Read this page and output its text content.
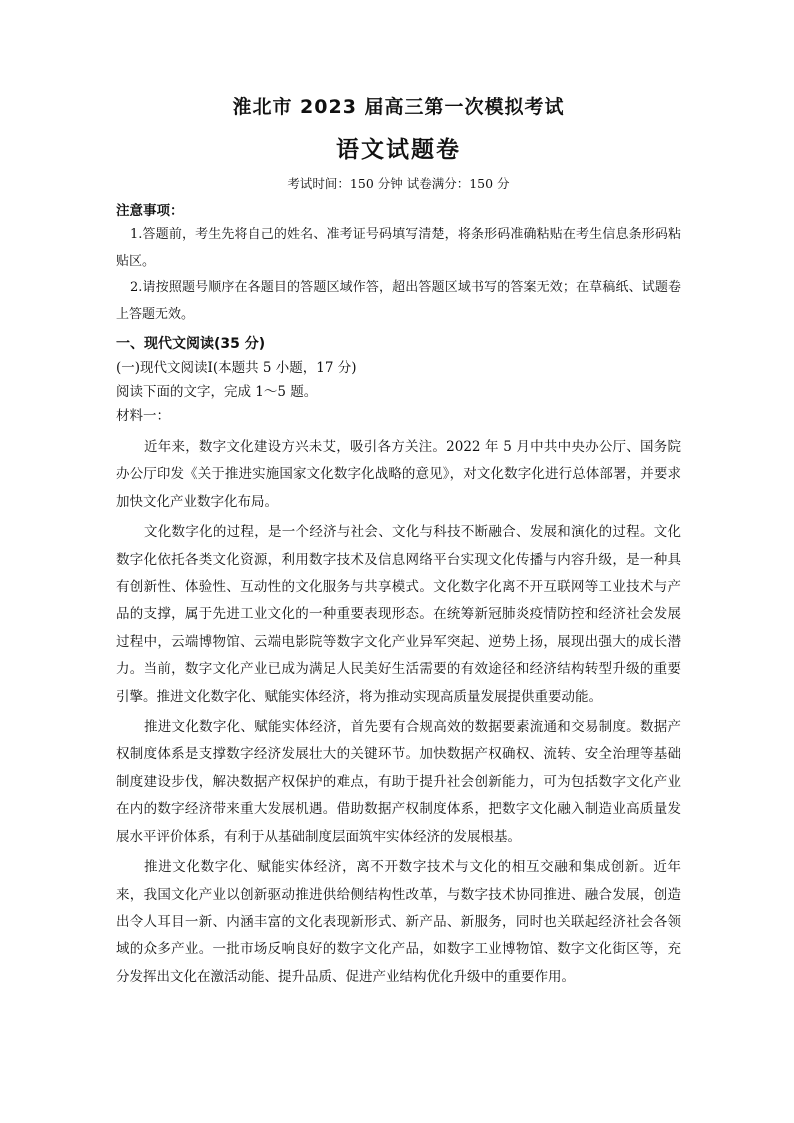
淮北市 2023 届高三第一次模拟考试
语文试题卷
考试时间：150 分钟 试卷满分：150 分
注意事项：
1.答题前，考生先将自己的姓名、准考证号码填写清楚，将条形码准确粘贴在考生信息条形码粘贴区。
2.请按照题号顺序在各题目的答题区域作答，超出答题区域书写的答案无效；在草稿纸、试题卷上答题无效。
一、现代文阅读(35 分)
(一)现代文阅读Ⅰ(本题共 5 小题，17 分)
阅读下面的文字，完成 1～5 题。
材料一：

近年来，数字文化建设方兴未艾，吸引各方关注。2022 年 5 月中共中央办公厅、国务院办公厅印发《关于推进实施国家文化数字化战略的意见》，对文化数字化进行总体部署，并要求加快文化产业数字化布局。

文化数字化的过程，是一个经济与社会、文化与科技不断融合、发展和演化的过程。文化数字化依托各类文化资源，利用数字技术及信息网络平台实现文化传播与内容升级，是一种具有创新性、体验性、互动性的文化服务与共享模式。文化数字化离不开互联网等工业技术与产品的支撑，属于先进工业文化的一种重要表现形态。在统筹新冠肺炎疫情防控和经济社会发展过程中，云端博物馆、云端电影院等数字文化产业异军突起、逆势上扬，展现出强大的成长潜力。当前，数字文化产业已成为满足人民美好生活需要的有效途径和经济结构转型升级的重要引擎。推进文化数字化、赋能实体经济，将为推动实现高质量发展提供重要动能。

推进文化数字化、赋能实体经济，首先要有合规高效的数据要素流通和交易制度。数据产权制度体系是支撑数字经济发展壮大的关键环节。加快数据产权确权、流转、安全治理等基础制度建设步伐，解决数据产权保护的难点，有助于提升社会创新能力，可为包括数字文化产业在内的数字经济带来重大发展机遇。借助数据产权制度体系，把数字文化融入制造业高质量发展水平评价体系，有利于从基础制度层面筑牢实体经济的发展根基。

推进文化数字化、赋能实体经济，离不开数字技术与文化的相互交融和集成创新。近年来，我国文化产业以创新驱动推进供给侧结构性改革，与数字技术协同推进、融合发展，创造出令人耳目一新、内涵丰富的文化表现新形式、新产品、新服务，同时也关联起经济社会各领域的众多产业。一批市场反响良好的数字文化产品，如数字工业博物馆、数字文化街区等，充分发挥出文化在激活动能、提升品质、促进产业结构优化升级中的重要作用。
